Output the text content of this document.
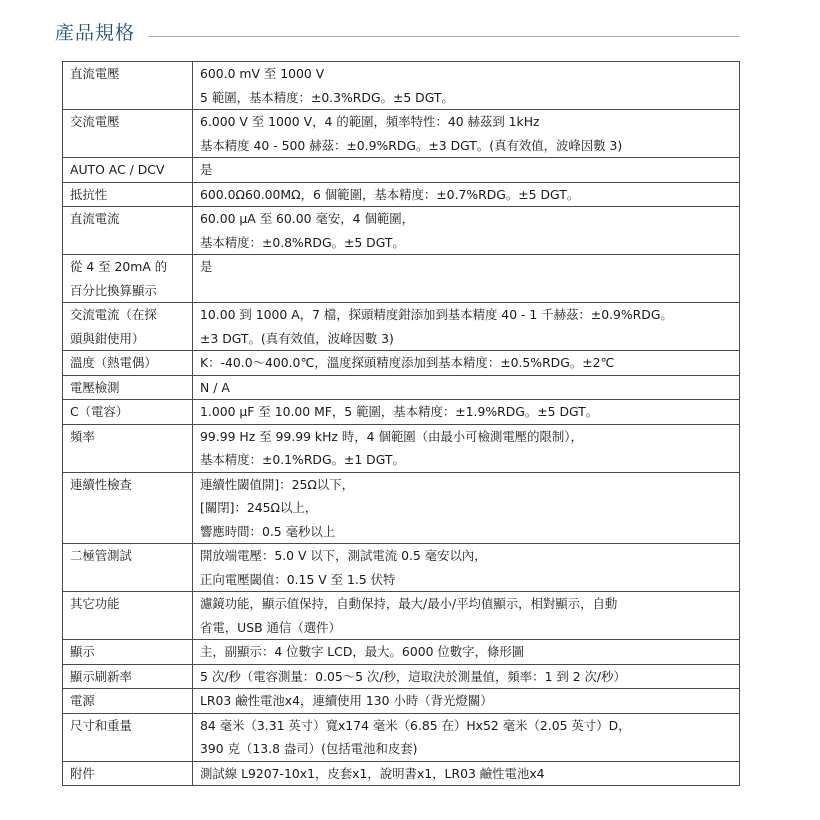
產品規格
直流電壓	600.0 mV 至 1000 V
5 範圍，基本精度：±0.3%RDG。±5 DGT。

交流電壓	6.000 V 至 1000 V，4 的範圍，頻率特性：40 赫茲到 1kHz
基本精度 40 - 500 赫茲：±0.9%RDG。±3 DGT。(真有效值，波峰因數 3)

AUTO AC / DCV	是

抵抗性	600.0Ω60.00MΩ，6 個範圍，基本精度：±0.7%RDG。±5 DGT。

直流電流	60.00 μA 至 60.00 毫安，4 個範圍，
基本精度：±0.8%RDG。±5 DGT。

從 4 至 20mA 的
百分比換算顯示	是

交流電流（在探
頭與鉗使用）	10.00 到 1000 A，7 檔，探頭精度鉗添加到基本精度 40 - 1 千赫茲：±0.9%RDG。
±3 DGT。(真有效值，波峰因數 3)

溫度（熱電偶）	K：-40.0～400.0℃，溫度探頭精度添加到基本精度：±0.5%RDG。±2℃

電壓檢測	N / A

C（電容）	1.000 μF 至 10.00 MF，5 範圍，基本精度：±1.9%RDG。±5 DGT。

頻率	99.99 Hz 至 99.99 kHz 時，4 個範圍（由最小可檢測電壓的限制），
基本精度：±0.1%RDG。±1 DGT。

連續性檢查	連續性閾值開]：25Ω以下，
[關閉]：245Ω以上，
響應時間：0.5 毫秒以上

二極管測試	開放端電壓：5.0 V 以下，測試電流 0.5 毫安以內，
正向電壓閾值：0.15 V 至 1.5 伏特

其它功能	濾鏡功能，顯示值保持，自動保持，最大/最小/平均值顯示，相對顯示，自動
省電，USB 通信（選件）

顯示	主，副顯示：4 位數字 LCD，最大。6000 位數字，條形圖

顯示刷新率	5 次/秒（電容測量：0.05～5 次/秒，這取決於測量值，頻率：1 到 2 次/秒）

電源	LR03 鹼性電池x4，連續使用 130 小時（背光燈關）

尺寸和重量	84 毫米（3.31 英寸）寬x174 毫米（6.85 在）Hx52 毫米（2.05 英寸）D，
390 克（13.8 盎司）(包括電池和皮套)

附件	測試線 L9207-10x1，皮套x1，說明書x1，LR03 鹼性電池x4
